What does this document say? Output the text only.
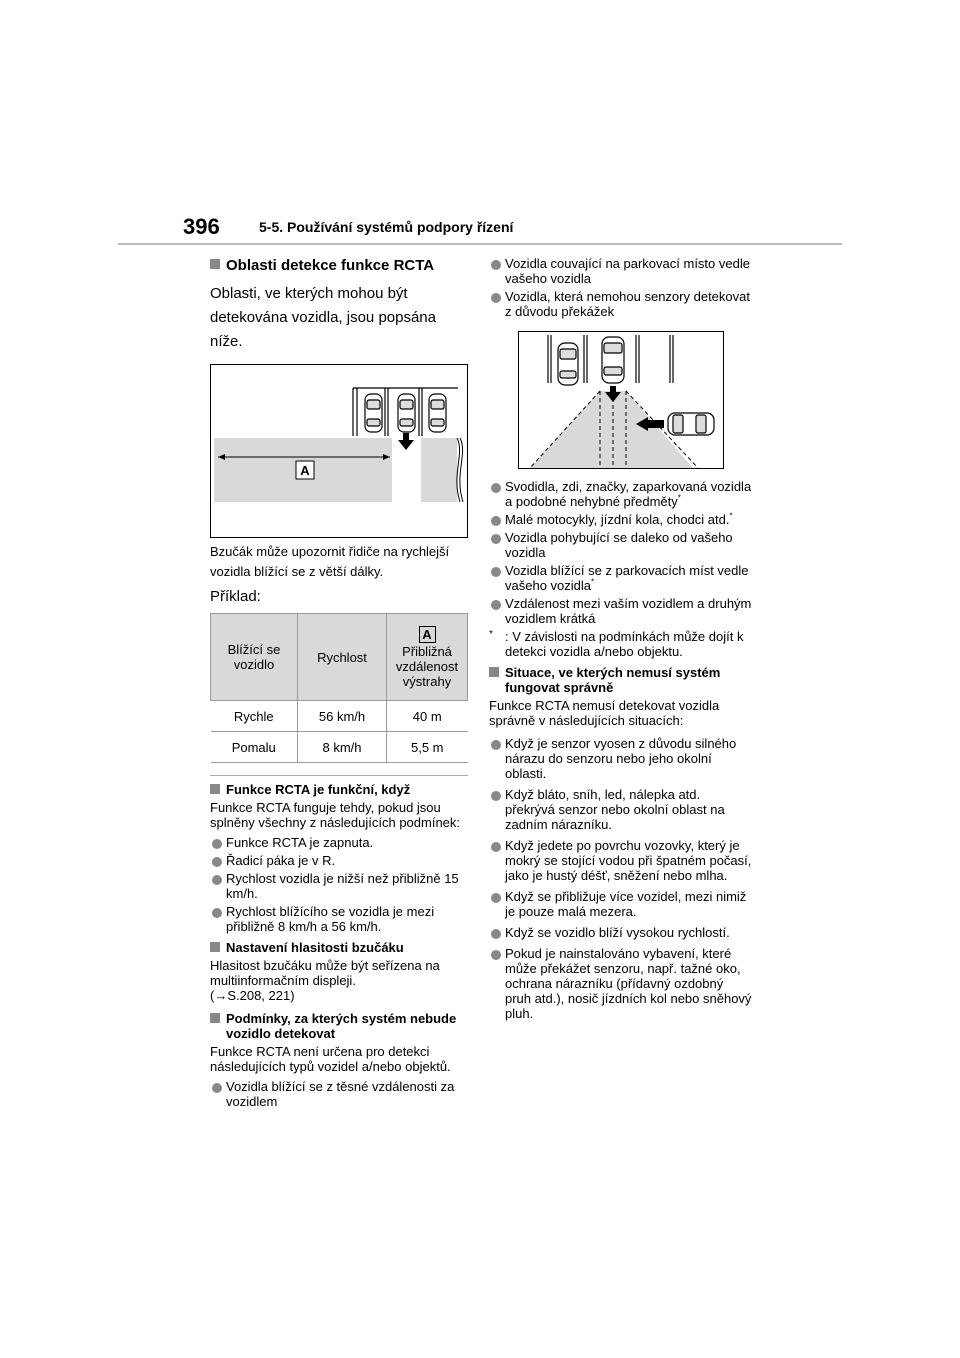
396	5-5. Používání systémů podpory řízení
Oblasti detekce funkce RCTA

Oblasti, ve kterých mohou být detekována vozidla, jsou popsána níže.

A

Bzučák může upozornit řidiče na rychlejší vozidla blížící se z větší dálky.

Příklad:
Blížící se vozidlo	Rychlost	A
Přibližná vzdálenost výstrahy
Rychle	56 km/h	40 m
Pomalu	8 km/h	5,5 m
Funkce RCTA je funkční, když

Funkce RCTA funguje tehdy, pokud jsou splněny všechny z následujících podmínek:

Funkce RCTA je zapnuta.
Řadicí páka je v R.
Rychlost vozidla je nižší než přibližně 15 km/h.
Rychlost blížícího se vozidla je mezi přibližně 8 km/h a 56 km/h.
Nastavení hlasitosti bzučáku

Hlasitost bzučáku může být seřízena na multiinformačním displeji.

(→S.208, 221)

Podmínky, za kterých systém nebude vozidlo detekovat

Funkce RCTA není určena pro detekci následujících typů vozidel a/nebo objektů.

Vozidla blížící se z těsné vzdálenosti za vozidlem
Vozidla couvající na parkovací místo vedle vašeho vozidla
Vozidla, která nemohou senzory detekovat z důvodu překážek
Svodidla, zdi, značky, zaparkovaná vozidla a podobné nehybné předměty*
Malé motocykly, jízdní kola, chodci atd.*
Vozidla pohybující se daleko od vašeho vozidla
Vozidla blížící se z parkovacích míst vedle vašeho vozidla*
Vzdálenost mezi vaším vozidlem a druhým vozidlem krátká
* : V závislosti na podmínkách může dojít k detekci vozidla a/nebo objektu.
Situace, ve kterých nemusí systém fungovat správně

Funkce RCTA nemusí detekovat vozidla správně v následujících situacích:

Když je senzor vyosen z důvodu silného nárazu do senzoru nebo jeho okolní oblasti.
Když bláto, sníh, led, nálepka atd. překrývá senzor nebo okolní oblast na zadním nárazníku.
Když jedete po povrchu vozovky, který je mokrý se stojící vodou při špatném počasí, jako je hustý déšť, sněžení nebo mlha.
Když se přibližuje více vozidel, mezi nimiž je pouze malá mezera.
Když se vozidlo blíží vysokou rychlostí.
Pokud je nainstalováno vybavení, které může překážet senzoru, např. tažné oko, ochrana nárazníku (přídavný ozdobný pruh atd.), nosič jízdních kol nebo sněhový pluh.
